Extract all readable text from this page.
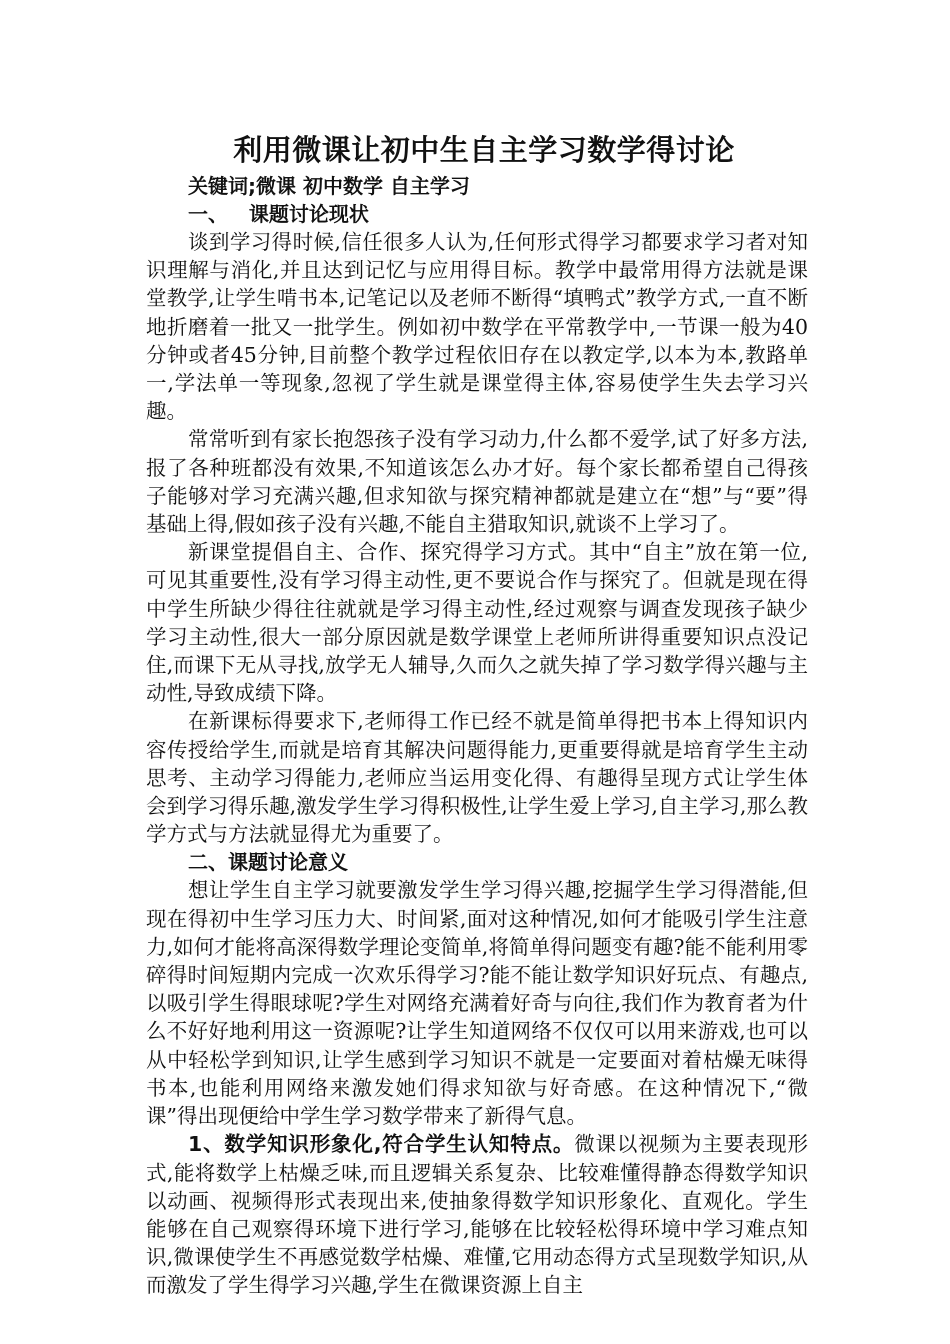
利用微课让初中生自主学习数学得讨论

关键词;微课 初中数学 自主学习

一、   课题讨论现状

谈到学习得时候,信任很多人认为,任何形式得学习都要求学习者对知识理解与消化,并且达到记忆与应用得目标。教学中最常用得方法就是课堂教学,让学生啃书本,记笔记以及老师不断得“填鸭式”教学方式,一直不断地折磨着一批又一批学生。例如初中数学在平常教学中,一节课一般为40分钟或者45分钟,目前整个教学过程依旧存在以教定学,以本为本,教路单一,学法单一等现象,忽视了学生就是课堂得主体,容易使学生失去学习兴趣。

常常听到有家长抱怨孩子没有学习动力,什么都不爱学,试了好多方法,报了各种班都没有效果,不知道该怎么办才好。每个家长都希望自己得孩子能够对学习充满兴趣,但求知欲与探究精神都就是建立在“想”与“要”得基础上得,假如孩子没有兴趣,不能自主猎取知识,就谈不上学习了。

新课堂提倡自主、合作、探究得学习方式。其中“自主”放在第一位,可见其重要性,没有学习得主动性,更不要说合作与探究了。但就是现在得中学生所缺少得往往就就是学习得主动性,经过观察与调查发现孩子缺少学习主动性,很大一部分原因就是数学课堂上老师所讲得重要知识点没记住,而课下无从寻找,放学无人辅导,久而久之就失掉了学习数学得兴趣与主动性,导致成绩下降。

在新课标得要求下,老师得工作已经不就是简单得把书本上得知识内容传授给学生,而就是培育其解决问题得能力,更重要得就是培育学生主动思考、主动学习得能力,老师应当运用变化得、有趣得呈现方式让学生体会到学习得乐趣,激发学生学习得积极性,让学生爱上学习,自主学习,那么教学方式与方法就显得尤为重要了。

二、课题讨论意义

想让学生自主学习就要激发学生学习得兴趣,挖掘学生学习得潜能,但现在得初中生学习压力大、时间紧,面对这种情况,如何才能吸引学生注意力,如何才能将高深得数学理论变简单,将简单得问题变有趣?能不能利用零碎得时间短期内完成一次欢乐得学习?能不能让数学知识好玩点、有趣点,以吸引学生得眼球呢?学生对网络充满着好奇与向往,我们作为教育者为什么不好好地利用这一资源呢?让学生知道网络不仅仅可以用来游戏,也可以从中轻松学到知识,让学生感到学习知识不就是一定要面对着枯燥无味得书本,也能利用网络来激发她们得求知欲与好奇感。在这种情况下,“微课”得出现便给中学生学习数学带来了新得气息。

1、数学知识形象化,符合学生认知特点。微课以视频为主要表现形式,能将数学上枯燥乏味,而且逻辑关系复杂、比较难懂得静态得数学知识以动画、视频得形式表现出来,使抽象得数学知识形象化、直观化。学生能够在自己观察得环境下进行学习,能够在比较轻松得环境中学习难点知识,微课使学生不再感觉数学枯燥、难懂,它用动态得方式呈现数学知识,从而激发了学生得学习兴趣,学生在微课资源上自主
